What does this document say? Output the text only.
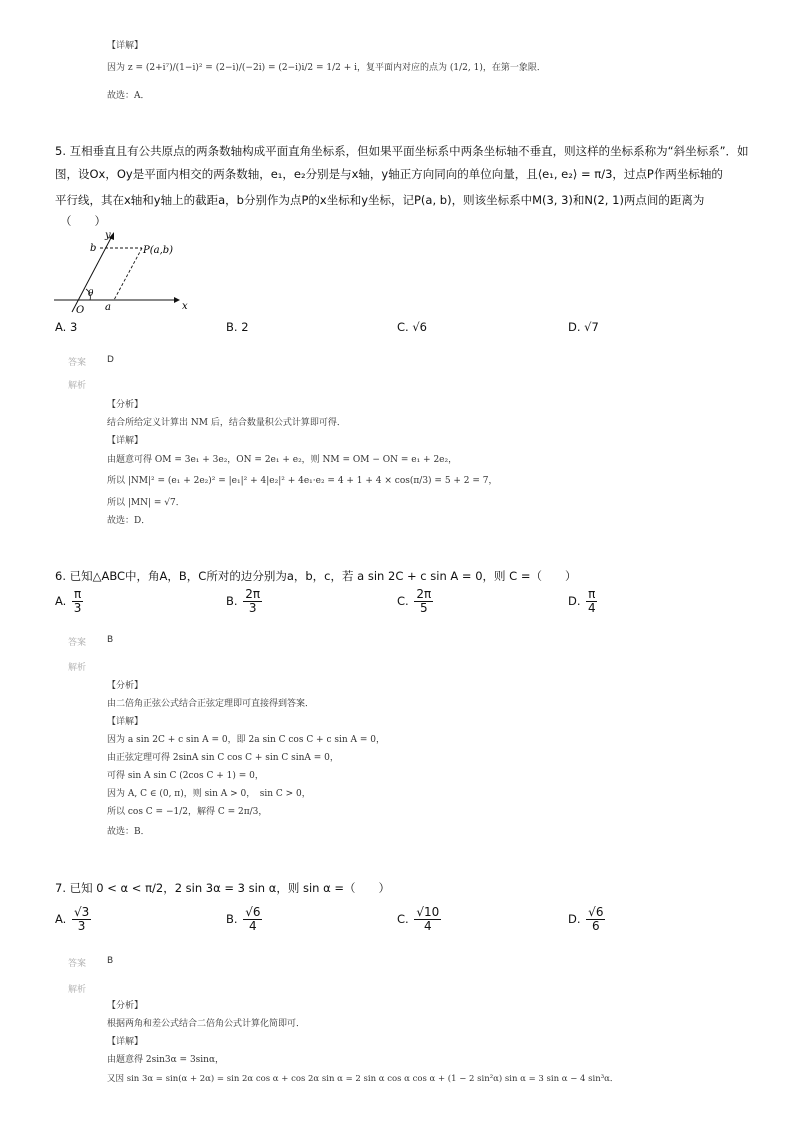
【详解】
因为 z = (2+i⁷)/(1−i)² = (2−i)/(−2i) = (2−i)i/2 = 1/2 + i，复平面内对应的点为 (1/2, 1)，在第一象限．
故选：A．
5. 互相垂直且有公共原点的两条数轴构成平面直角坐标系，但如果平面坐标系中两条坐标轴不垂直，则这样的坐标系称为“斜坐标系”．如
图，设Ox，Oy是平面内相交的两条数轴，e₁，e₂分别是与x轴，y轴正方向同向的单位向量，且⟨e₁, e₂⟩ = π/3，过点P作两坐标轴的
平行线，其在x轴和y轴上的截距a，b分别作为点P的x坐标和y坐标，记P(a, b)，则该坐标系中M(3, 3)和N(2, 1)两点间的距离为
（　　）
y
x
b
a
O
θ
P(a,b)
A. 3	B. 2	C. √6	D. √7
答案 D
解析
【分析】
结合所给定义计算出 NM 后，结合数量积公式计算即可得．
【详解】
由题意可得 OM = 3e₁ + 3e₂，ON = 2e₁ + e₂，则 NM = OM − ON = e₁ + 2e₂，
所以 |NM|² = (e₁ + 2e₂)² = |e₁|² + 4|e₂|² + 4e₁·e₂ = 4 + 1 + 4 × cos(π/3) = 5 + 2 = 7，
所以 |MN| = √7．
故选：D．
6. 已知△ABC中，角A，B，C所对的边分别为a，b，c，若 a sin 2C + c sin A = 0，则 C =（　　）
A. $\frac{\pi}{3}$	B. $\frac{2\pi}{3}$	C. $\frac{2\pi}{5}$	D. $\frac{\pi}{4}$
答案 B
解析
【分析】
由二倍角正弦公式结合正弦定理即可直接得到答案．
【详解】
因为 a sin 2C + c sin A = 0，即 2a sin C cos C + c sin A = 0，
由正弦定理可得 2sinA sin C cos C + sin C sinA = 0，
可得 sin A sin C (2cos C + 1) = 0，
因为 A, C ∈ (0, π)，则 sin A > 0，　sin C > 0，
所以 cos C = −1/2，解得 C = 2π/3，
故选：B．
7. 已知 0 < α < π/2，2 sin 3α = 3 sin α，则 sin α =（　　）
A. $\frac{√3}{3}$	B. $\frac{√6}{4}$	C. $\frac{√10}{4}$	D. $\frac{√6}{6}$
答案 B
解析
【分析】
根据两角和差公式结合二倍角公式计算化简即可．
【详解】
由题意得 2sin3α = 3sinα，
又因 sin 3α = sin(α + 2α) = sin 2α cos α + cos 2α sin α = 2 sin α cos α cos α + (1 − 2 sin²α) sin α = 3 sin α − 4 sin³α．
